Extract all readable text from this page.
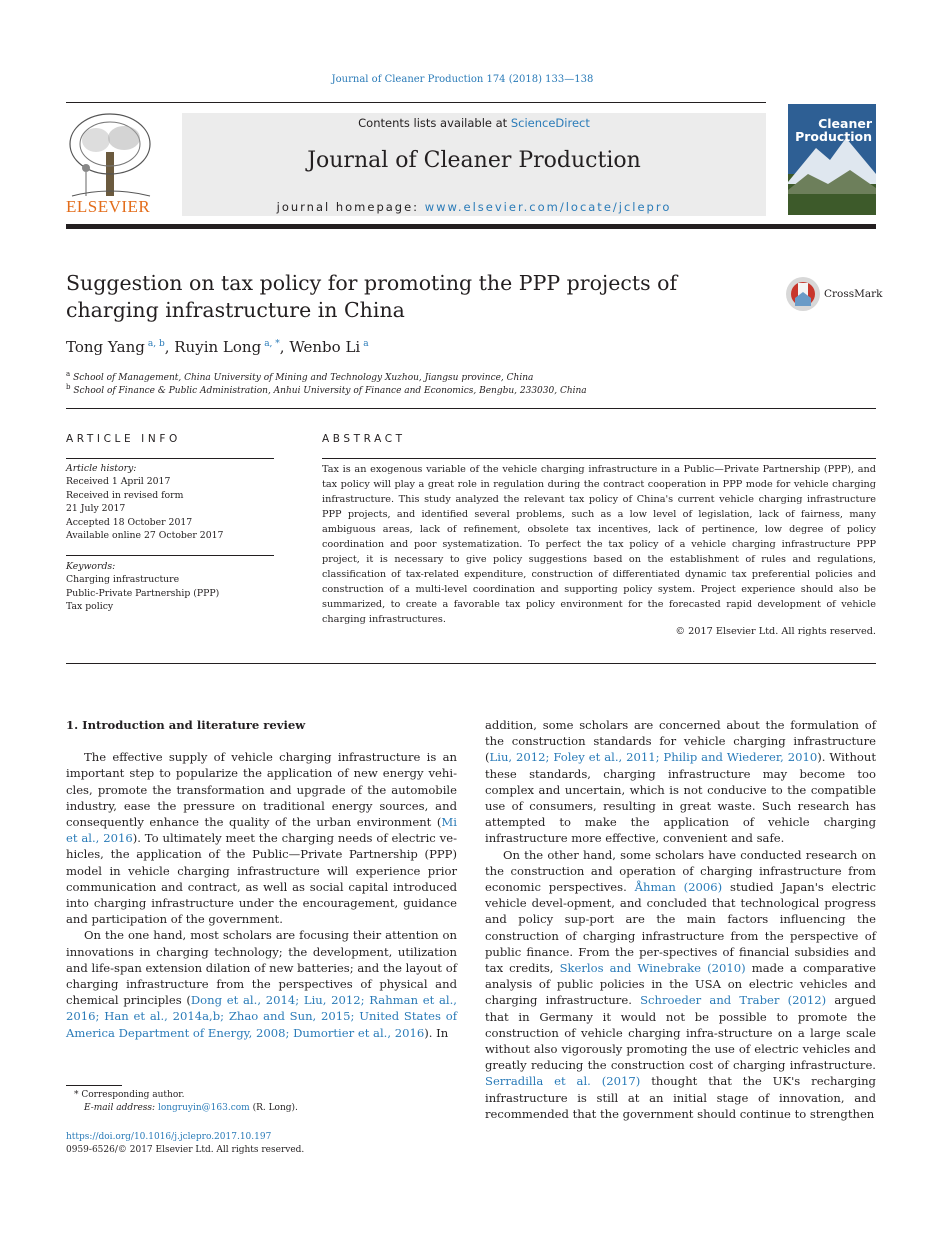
Journal of Cleaner Production 174 (2018) 133—138
ELSEVIER
Contents lists available at ScienceDirect
Journal of Cleaner Production
journal homepage: www.elsevier.com/locate/jclepro
Cleaner
Production
Suggestion on tax policy for promoting the PPP projects of charging infrastructure in China
CrossMark
Tong Yang $^{a, b}$, Ruyin Long $^{a, *}$, Wenbo Li $^a$
$^a$ School of Management, China University of Mining and Technology Xuzhou, Jiangsu province, China
$^b$ School of Finance & Public Administration, Anhui University of Finance and Economics, Bengbu, 233030, China
ARTICLE INFO
Article history:
Received 1 April 2017
Received in revised form
21 July 2017
Accepted 18 October 2017
Available online 27 October 2017
Keywords:
Charging infrastructure
Public-Private Partnership (PPP)
Tax policy
ABSTRACT
Tax is an exogenous variable of the vehicle charging infrastructure in a Public—Private Partnership (PPP), and tax policy will play a great role in regulation during the contract cooperation in PPP mode for vehicle charging infrastructure. This study analyzed the relevant tax policy of China's current vehicle charging infrastructure PPP projects, and identified several problems, such as a low level of legislation, lack of fairness, many ambiguous areas, lack of refinement, obsolete tax incentives, lack of pertinence, low degree of policy coordination and poor systematization. To perfect the tax policy of a vehicle charging infrastructure PPP project, it is necessary to give policy suggestions based on the establishment of rules and regulations, classification of tax-related expenditure, construction of differentiated dynamic tax preferential policies and construction of a multi-level coordination and supporting policy system. Project experience should also be summarized, to create a favorable tax policy environment for the forecasted rapid development of vehicle charging infrastructures.
© 2017 Elsevier Ltd. All rights reserved.

1. Introduction and literature review

The effective supply of vehicle charging infrastructure is an important step to popularize the application of new energy vehi-cles, promote the transformation and upgrade of the automobile industry, ease the pressure on traditional energy sources, and consequently enhance the quality of the urban environment (Mi et al., 2016). To ultimately meet the charging needs of electric ve-hicles, the application of the Public—Private Partnership (PPP) model in vehicle charging infrastructure will experience prior communication and contract, as well as social capital introduced into charging infrastructure under the encouragement, guidance and participation of the government.

On the one hand, most scholars are focusing their attention on innovations in charging technology; the development, utilization and life-span extension dilation of new batteries; and the layout of charging infrastructure from the perspectives of physical and chemical principles (Dong et al., 2014; Liu, 2012; Rahman et al., 2016; Han et al., 2014a,b; Zhao and Sun, 2015; United States of America Department of Energy, 2008; Dumortier et al., 2016). In

addition, some scholars are concerned about the formulation of the construction standards for vehicle charging infrastructure (Liu, 2012; Foley et al., 2011; Philip and Wiederer, 2010). Without these standards, charging infrastructure may become too complex and uncertain, which is not conducive to the compatible use of consumers, resulting in great waste. Such research has attempted to make the application of vehicle charging infrastructure more effective, convenient and safe.

On the other hand, some scholars have conducted research on the construction and operation of charging infrastructure from economic perspectives. Åhman (2006) studied Japan's electric vehicle devel-opment, and concluded that technological progress and policy sup-port are the main factors influencing the construction of charging infrastructure from the perspective of public finance. From the per-spectives of financial subsidies and tax credits, Skerlos and Winebrake (2010) made a comparative analysis of public policies in the USA on electric vehicles and charging infrastructure. Schroeder and Traber (2012) argued that in Germany it would not be possible to promote the construction of vehicle charging infra-structure on a large scale without also vigorously promoting the use of electric vehicles and greatly reducing the construction cost of charging infrastructure. Serradilla et al. (2017) thought that the UK's recharging infrastructure is still at an initial stage of innovation, and recommended that the government should continue to strengthen

* Corresponding author.
E-mail address: longruyin@163.com (R. Long).
https://doi.org/10.1016/j.jclepro.2017.10.197
0959-6526/© 2017 Elsevier Ltd. All rights reserved.
